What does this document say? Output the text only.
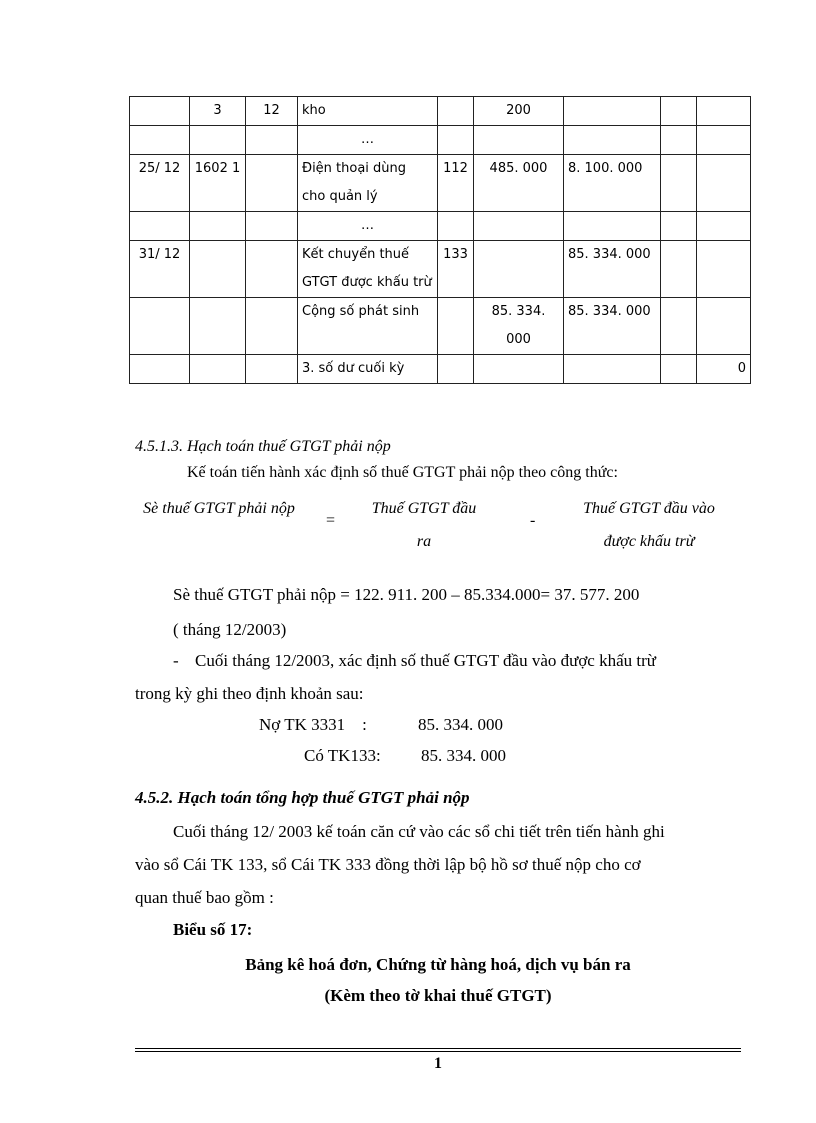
	3	12	kho		200			
			…					
25/ 12	1602 1		Điện thoại dùng cho quản lý	112	485. 000	8. 100. 000		
			…					
31/ 12			Kết chuyển thuế GTGT được khấu trừ	133		85. 334. 000		
			Cộng số phát sinh		85. 334. 000	85. 334. 000		
			3. số dư cuối kỳ					0
4.5.1.3. Hạch toán thuế GTGT phải nộp
Kế toán tiến hành xác định số thuế GTGT phải nộp theo công thức:
Sè thuế GTGT phải nộp
=
Thuế GTGT đầu ra
-
Thuế GTGT đầu vào được khấu trừ
Sè thuế GTGT phải nộp = 122. 911. 200 – 85.334.000= 37. 577. 200
( tháng 12/2003)
- Cuối tháng 12/2003, xác định số thuế GTGT đầu vào được khấu trừ
trong kỳ ghi theo định khoản sau:
Nợ TK 3331    :	85. 334. 000
Có TK133: 85. 334. 000
4.5.2. Hạch toán tổng hợp thuế GTGT phải nộp
Cuối tháng 12/ 2003 kế toán căn cứ vào các sổ chi tiết trên tiến hành ghi
vào sổ Cái TK 133, sổ Cái TK 333 đồng thời lập bộ hồ sơ thuế nộp cho cơ
quan thuế bao gồm :
Biểu số 17:
Bảng kê hoá đơn, Chứng từ hàng hoá, dịch vụ bán ra
(Kèm theo tờ khai thuế GTGT)
1
